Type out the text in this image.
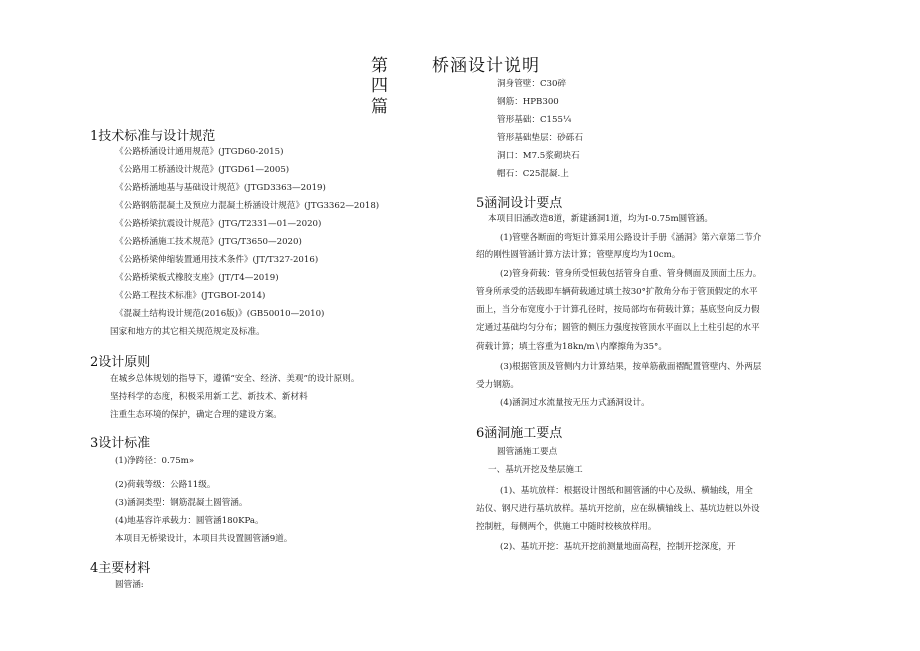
第
四
篇
桥涵设计说明
1技术标准与设计规范
《公路桥涵设计通用规范》(JTGD60-2015)
《公路用工桥涵设计规范》(JTGD61—2005)
《公路桥涵地基与基础设计规范》(JTGD3363—2019)
《公路钢筋混凝土及预应力混凝土桥涵设计规范》(JTG3362—2018)
《公路桥梁抗震设计规范》(JTG/T2331—01—2020)
《公路桥涵施工技术规范》(JTG/T3650—2020)
《公路桥梁伸缩装置通用技术条件》(JT/T327-2016)
《公路桥梁板式橡胶支座》(JT/T4—2019)
《公路工程技术标准》(JTGBOI-2014)
《混凝土结构设计规范(2016版)》(GB50010—2010)
国家和地方的其它相关规范规定及标准。
2设计原则
在城乡总体规划的指导下，遵循“安全、经济、美观”的设计原则。
坚持科学的态度，积极采用新工艺、新技术、新材料
注重生态环境的保护，确定合理的建设方案。
3设计标准
(1)净跨径：0.75m»
(2)荷载等级：公路11级。
(3)涵洞类型：钢筋混凝土圆管涵。
(4)地基容许承载力：圆管涵180KPa。
本项目无桥梁设计，本项目共设置圆管涵9道。
4主要材料
圆管涵:
洞身管壁：C30碎
钢筋：HPB300
管形基础：C155¼
管形基础垫层：砂砾石
洞口：M7.5浆砌块石
帽石：C25混凝.上
5涵洞设计要点
本项目旧涵改造8道，新建涵洞1道，均为I-0.75m圆管涵。
(1)管壁各断面的弯矩计算采用公路设计手册《涵洞》第六章第二节介
绍的刚性圆管涵计算方法计算；管壁厚度均为10cm。
(2)管身荷载：管身所受恒载包括管身自重、管身侧面及顶面土压力。
管身所承受的活载即车辆荷载通过填土按30°扩散角分布于管顶假定的水平
面上，当分布宽度小于计算孔径时，按局部均布荷载计算；基底竖向反力假
定通过基础均匀分布；圆管的侧压力强度按管顶水平面以上土柱引起的水平
荷载计算；填土容重为18kn/m∖内摩擦角为35°。
(3)根据管顶及管侧内力计算结果，按单筋截面褶配置管壁内、外两层
受力钢筋。
(4)涵洞过水流量按无压力式涵洞设计。
6涵洞施工要点
圆管涵施工要点
一、基坑开挖及垫层施工
(1)、基坑放样：根据设计图纸和圆管涵的中心及纵、横轴线，用全
站仪、钢尺进行基坑放样。基坑开挖前，应在纵横轴线上、基坑边桩以外设
控制桩，每侧两个，供施工中随时校核放样用。
(2)、基坑开挖：基坑开挖前测量地面高程，控制开挖深度，开
